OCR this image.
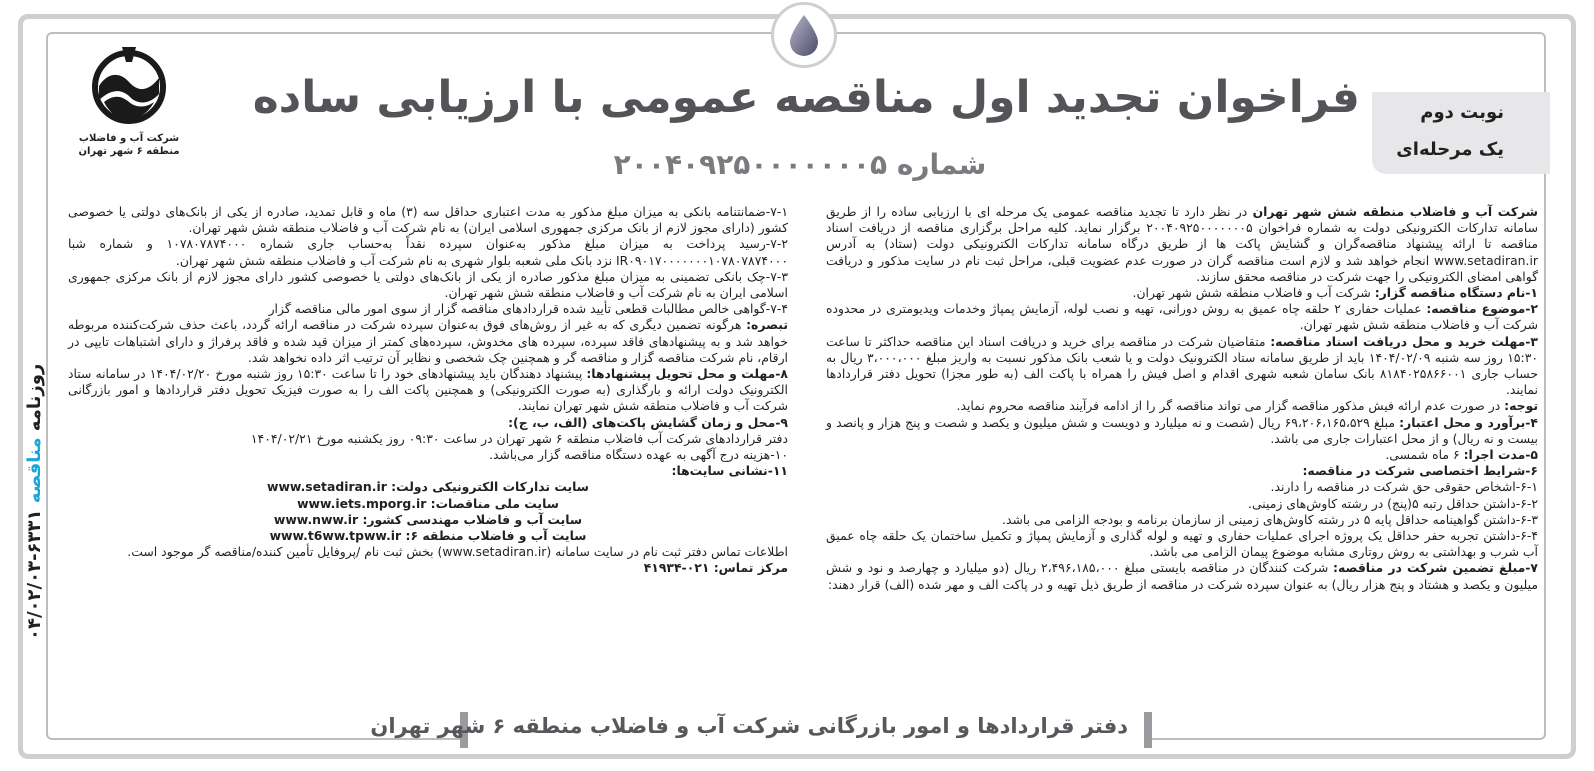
شرکت آب و فاضلاب
منطقه ۶ شهر تهران
فراخوان تجدید اول مناقصه عمومی با ارزیابی ساده
شماره ۲۰۰۴۰۹۲۵۰۰۰۰۰۰۰۵
نوبت دوم
یک مرحله‌ای
روزنامه مناقصه ۶۳۳۱-۰۴/۰۲/۰۳

شرکت آب و فاضلاب منطقه شش شهر تهران در نظر دارد تا تجدید مناقصه عمومی یک مرحله ای با ارزیابی ساده را از طریق سامانه تدارکات الکترونیکی دولت به شماره فراخوان ۲۰۰۴۰۹۲۵۰۰۰۰۰۰۰۵ برگزار نماید. کلیه مراحل برگزاری مناقصه از دریافت اسناد مناقصه تا ارائه پیشنهاد مناقصه‌گران و گشایش پاکت ها از طریق درگاه سامانه تدارکات الکترونیکی دولت (ستاد) به آدرس www.setadiran.ir انجام خواهد شد و لازم است مناقصه گران در صورت عدم عضویت قبلی، مراحل ثبت نام در سایت مذکور و دریافت گواهی امضای الکترونیکی را جهت شرکت در مناقصه محقق سازند.

۱-نام دستگاه مناقصه گزار: شرکت آب و فاضلاب منطقه شش شهر تهران.

۲-موضوع مناقصه: عملیات حفاری ۲ حلقه چاه عمیق به روش دورانی، تهیه و نصب لوله، آزمایش پمپاژ وخدمات ویدیومتری در محدوده شرکت آب و فاضلاب منطقه شش شهر تهران.

۳-مهلت خرید و محل دریافت اسناد مناقصه: متقاضیان شرکت در مناقصه برای خرید و دریافت اسناد این مناقصه حداکثر تا ساعت ۱۵:۳۰ روز سه شنبه ۱۴۰۴/۰۲/۰۹ باید از طریق سامانه ستاد الکترونیک دولت و یا شعب بانک مذکور نسبت به واریز مبلغ ۳،۰۰۰،۰۰۰ ریال به حساب جاری ۸۱۸۴۰۲۵۸۶۶۰۰۱ بانک سامان شعبه شهری اقدام و اصل فیش را همراه با پاکت الف (به طور مجزا) تحویل دفتر قراردادها نمایند.

توجه: در صورت عدم ارائه فیش مذکور مناقصه گزار می تواند مناقصه گر را از ادامه فرآیند مناقصه محروم نماید.

۴-برآورد و محل اعتبار: مبلغ ۶۹،۲۰۶،۱۶۵،۵۲۹ ریال (شصت و نه میلیارد و دویست و شش میلیون و یکصد و شصت و پنج هزار و پانصد و بیست و نه ریال) و از محل اعتبارات جاری می باشد.

۵-مدت اجرا: ۶ ماه شمسی.

۶-شرایط اختصاصی شرکت در مناقصه:

۶-۱-اشخاص حقوقی حق شرکت در مناقصه را دارند.

۶-۲-داشتن حداقل رتبه ۵(پنج) در رشته کاوش‌های زمینی.

۶-۳-داشتن گواهینامه حداقل پایه ۵ در رشته کاوش‌های زمینی از سازمان برنامه و بودجه الزامی می باشد.

۶-۴-داشتن تجربه حفر حداقل یک پروژه اجرای عملیات حفاری و تهیه و لوله گذاری و آزمایش پمپاژ و تکمیل ساختمان یک حلقه چاه عمیق آب شرب و بهداشتی به روش روتاری مشابه موضوع پیمان الزامی می باشد.

۷-مبلغ تضمین شرکت در مناقصه: شرکت کنندگان در مناقصه بایستی مبلغ ۲،۴۹۶،۱۸۵،۰۰۰ ریال (دو میلیارد و چهارصد و نود و شش میلیون و یکصد و هشتاد و پنج هزار ریال) به عنوان سپرده شرکت در مناقصه از طریق ذیل تهیه و در پاکت الف و مهر شده (الف) قرار دهند:

۷-۱-ضمانتنامه بانکی به میزان مبلغ مذکور به مدت اعتباری حداقل سه (۳) ماه و قابل تمدید، صادره از یکی از بانک‌های دولتی یا خصوصی کشور (دارای مجوز لازم از بانک مرکزی جمهوری اسلامی ایران) به نام شرکت آب و فاضلاب منطقه شش شهر تهران.

۷-۲-رسید پرداخت به میزان مبلغ مذکور به‌عنوان سپرده نقداً به‌حساب جاری شماره ۱۰۷۸۰۷۸۷۴۰۰۰ و شماره شبا IR۰۹۰۱۷۰۰۰۰۰۰۰۱۰۷۸۰۷۸۷۴۰۰۰ نزد بانک ملی شعبه بلوار شهری به نام شرکت آب و فاضلاب منطقه شش شهر تهران.

۷-۳-چک بانکی تضمینی به میزان مبلغ مذکور صادره از یکی از بانک‌های دولتی یا خصوصی کشور دارای مجوز لازم از بانک مرکزی جمهوری اسلامی ایران به نام شرکت آب و فاضلاب منطقه شش شهر تهران.

۷-۴-گواهی خالص مطالبات قطعی تأیید شده قراردادهای مناقصه گزار از سوی امور مالی مناقصه گزار

تبصره: هرگونه تضمین دیگری که به غیر از روش‌های فوق به‌عنوان سپرده شرکت در مناقصه ارائه گردد، باعث حذف شرکت‌کننده مربوطه خواهد شد و به پیشنهادهای فاقد سپرده، سپرده های مخدوش، سپرده‌های کمتر از میزان قید شده و فاقد پرفراژ و دارای اشتباهات تایپی در ارقام، نام شرکت مناقصه گزار و مناقصه گر و همچنین چک شخصی و نظایر آن ترتیب اثر داده نخواهد شد.

۸-مهلت و محل تحویل پیشنهادها: پیشنهاد دهندگان باید پیشنهادهای خود را تا ساعت ۱۵:۳۰ روز شنبه مورخ ۱۴۰۴/۰۲/۲۰ در سامانه ستاد الکترونیک دولت ارائه و بارگذاری (به صورت الکترونیکی) و همچنین پاکت الف را به صورت فیزیک تحویل دفتر قراردادها و امور بازرگانی شرکت آب و فاضلاب منطقه شش شهر تهران نمایند.

۹-محل و زمان گشایش پاکت‌های (الف، ب، ج):

دفتر قراردادهای شرکت آب فاضلاب منطقه ۶ شهر تهران در ساعت ۰۹:۳۰ روز یکشنبه مورخ ۱۴۰۴/۰۲/۲۱

۱۰-هزینه درج آگهی به عهده دستگاه مناقصه گزار می‌باشد.

۱۱-نشانی سایت‌ها:

سایت تدارکات الکترونیکی دولت: www.setadiran.ir

سایت ملی مناقصات: www.iets.mporg.ir

سایت آب و فاضلاب مهندسی کشور: www.nww.ir

سایت آب و فاضلاب منطقه ۶: www.t6ww.tpww.ir

اطلاعات تماس دفتر ثبت نام در سایت سامانه (www.setadiran.ir) بخش ثبت نام /پروفایل تأمین کننده/مناقصه گر موجود است.

مرکز تماس: ۰۲۱-۴۱۹۳۴

دفتر قراردادها و امور بازرگانی شرکت آب و فاضلاب منطقه ۶ شهر تهران
